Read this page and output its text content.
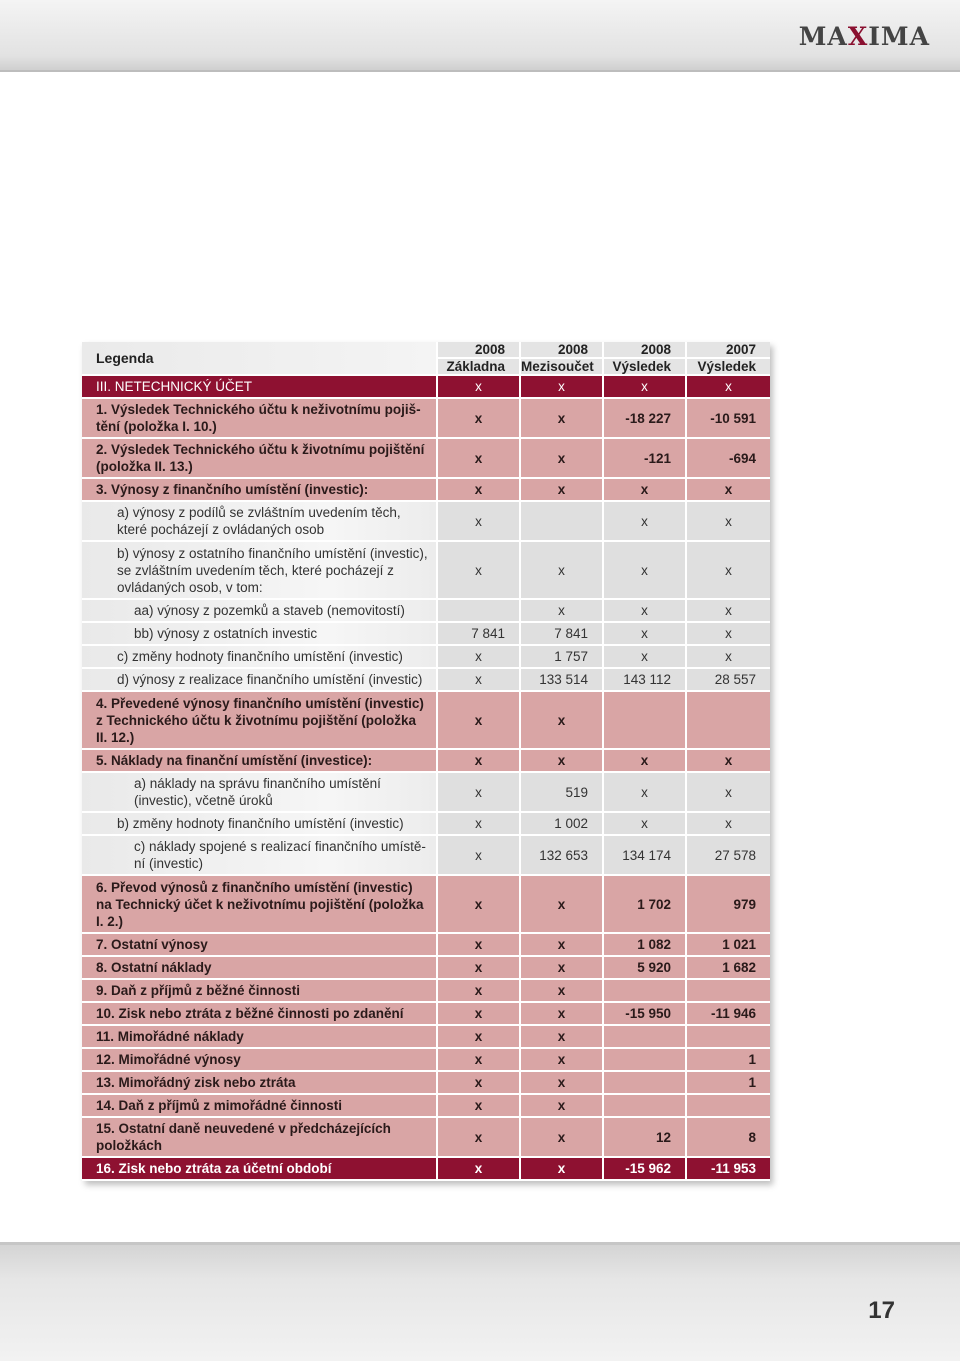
MAXIMA
Legenda	2008	2008	2008	2007
	Základna	Mezisoučet	Výsledek	Výsledek
III. NETECHNICKÝ ÚČET	x	x	x	x
1. Výsledek Technického účtu k neživotnímu pojiš-tění (položka I. 10.)	x	x	-18 227	-10 591
2. Výsledek Technického účtu k životnímu pojištění (položka II. 13.)	x	x	-121	-694
3. Výnosy z finančního umístění (investic):	x	x	x	x
a) výnosy z podílů se zvláštním uvedením těch, které pocházejí z ovládaných osob	x		x	x
b) výnosy z ostatního finančního umístění (investic), se zvláštním uvedením těch, které pocházejí z ovládaných osob, v tom:	x	x	x	x
aa) výnosy z pozemků a staveb (nemovitostí)		x	x	x
bb) výnosy z ostatních investic	7 841	7 841	x	x
c) změny hodnoty finančního umístění (investic)	x	1 757	x	x
d) výnosy z realizace finančního umístění (investic)	x	133 514	143 112	28 557
4. Převedené výnosy finančního umístění (investic) z Technického účtu k životnímu pojištění (položka II. 12.)	x	x		
5. Náklady na finanční umístění (investice):	x	x	x	x
a) náklady na správu finančního umístění (investic), včetně úroků	x	519	x	x
b) změny hodnoty finančního umístění (investic)	x	1 002	x	x
c) náklady spojené s realizací finančního umístě-ní (investic)	x	132 653	134 174	27 578
6. Převod výnosů z finančního umístění (investic) na Technický účet k neživotnímu pojištění (položka I. 2.)	x	x	1 702	979
7. Ostatní výnosy	x	x	1 082	1 021
8. Ostatní náklady	x	x	5 920	1 682
9. Daň z příjmů z běžné činnosti	x	x		
10. Zisk nebo ztráta z běžné činnosti po zdanění	x	x	-15 950	-11 946
11. Mimořádné náklady	x	x		
12. Mimořádné výnosy	x	x		1
13. Mimořádný zisk nebo ztráta	x	x		1
14. Daň z příjmů z mimořádné činnosti	x	x		
15. Ostatní daně neuvedené v předcházejících položkách	x	x	12	8
16. Zisk nebo ztráta za účetní období	x	x	-15 962	-11 953
17
